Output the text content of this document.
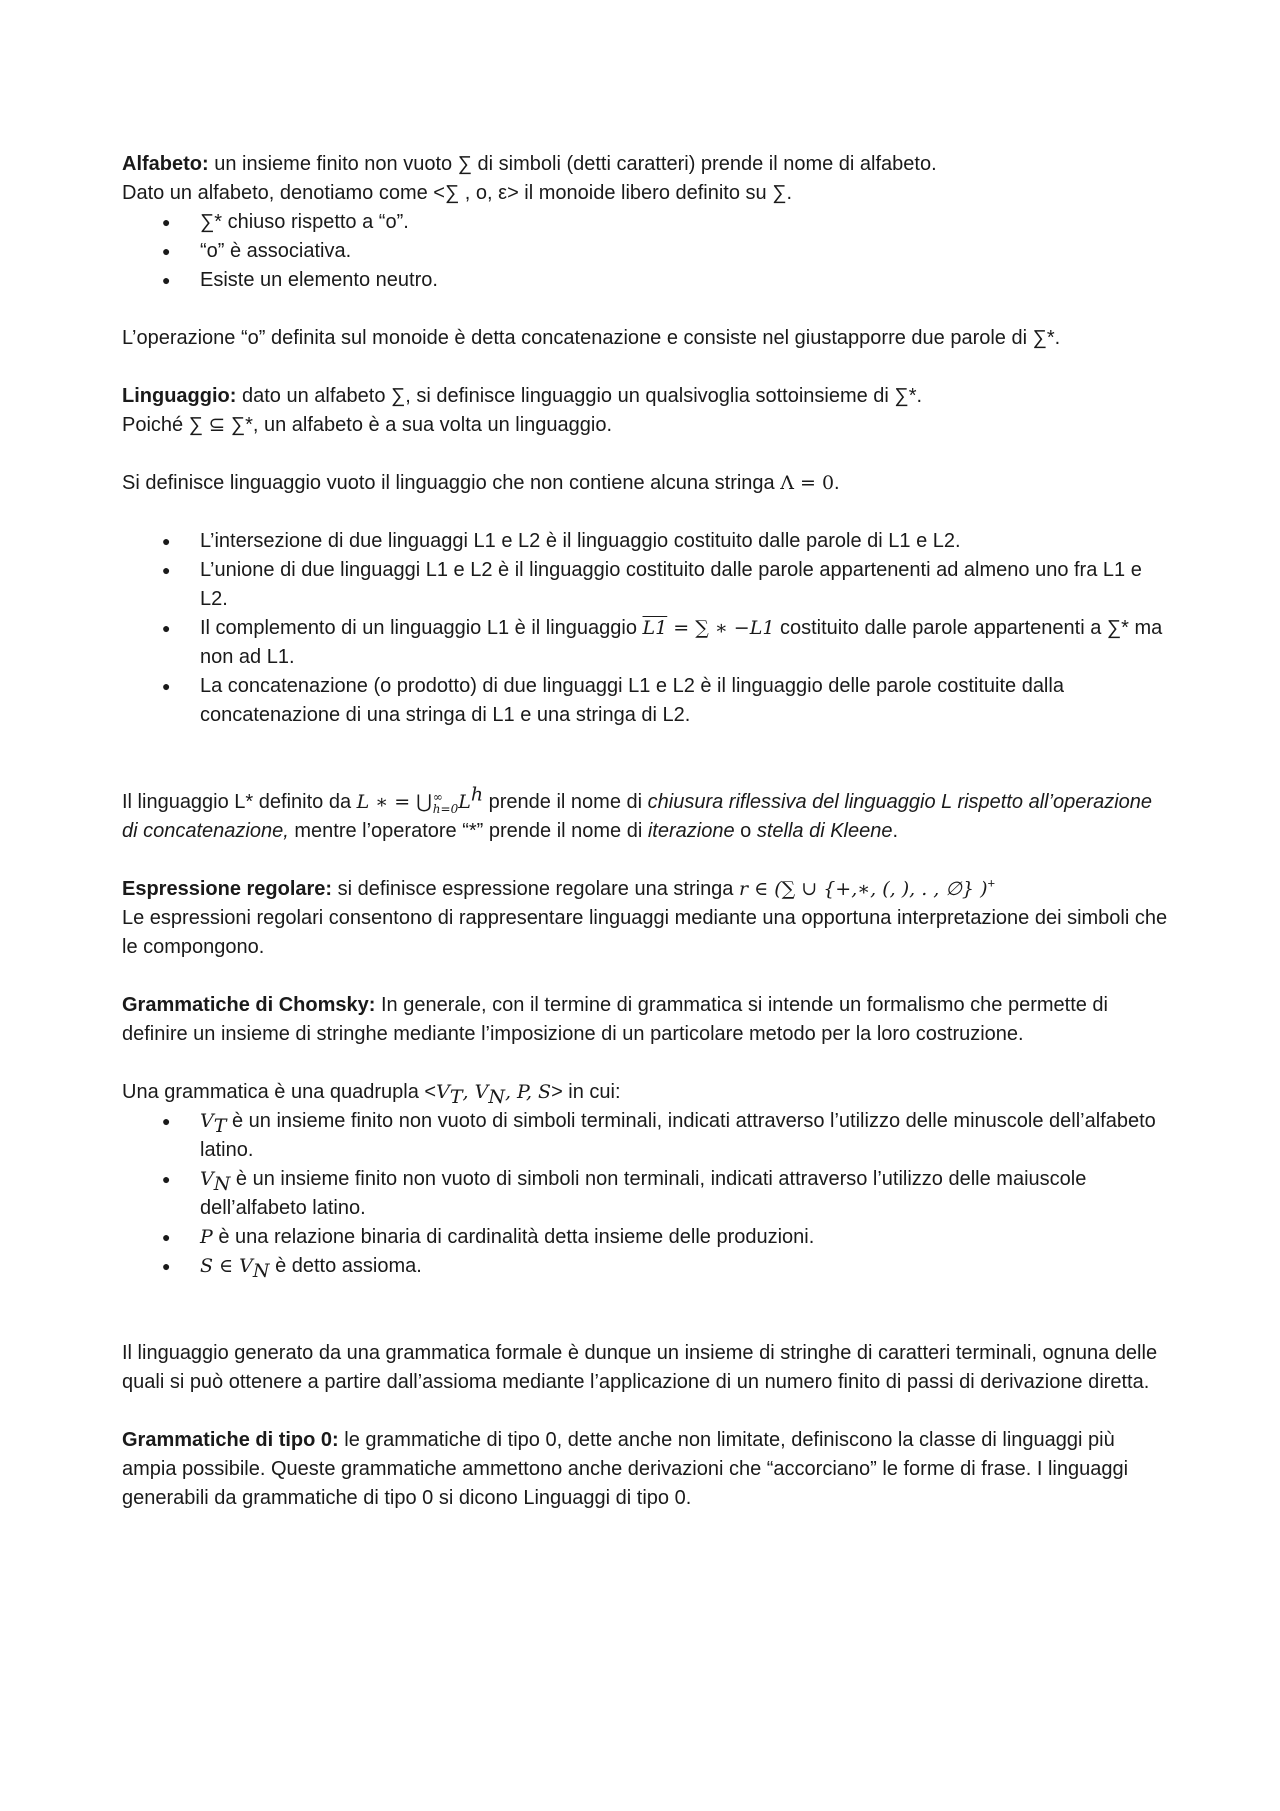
Alfabeto: un insieme finito non vuoto ∑ di simboli (detti caratteri) prende il nome di alfabeto.

Dato un alfabeto, denotiamo come <∑ , o, ε> il monoide libero definito su ∑.

● ∑* chiuso rispetto a “o”.
● “o” è associativa.
● Esiste un elemento neutro.

L’operazione “o” definita sul monoide è detta concatenazione e consiste nel giustapporre due parole di ∑*.

Linguaggio: dato un alfabeto ∑, si definisce linguaggio un qualsivoglia sottoinsieme di ∑*.

Poiché ∑ ⊆ ∑*, un alfabeto è a sua volta un linguaggio.

Si definisce linguaggio vuoto il linguaggio che non contiene alcuna stringa Λ = 0.

● L’intersezione di due linguaggi L1 e L2 è il linguaggio costituito dalle parole di L1 e L2.
● L’unione di due linguaggi L1 e L2 è il linguaggio costituito dalle parole appartenenti ad almeno uno fra L1 e L2.
● Il complemento di un linguaggio L1 è il linguaggio L1 = ∑ ∗ −L1 costituito dalle parole appartenenti a ∑* ma non ad L1.
● La concatenazione (o prodotto) di due linguaggi L1 e L2 è il linguaggio delle parole costituite dalla concatenazione di una stringa di L1 e una stringa di L2.

Il linguaggio L* definito da L ∗ = ⋃ ∞
h=0 $L^h$ prende il nome di chiusura riflessiva del linguaggio L rispetto all’operazione di concatenazione, mentre l’operatore “*” prende il nome di iterazione o stella di Kleene.

Espressione regolare: si definisce espressione regolare una stringa r ∈ (∑ ∪ {+,∗, (, ), . , ∅} )+

Le espressioni regolari consentono di rappresentare linguaggi mediante una opportuna interpretazione dei simboli che le compongono.

Grammatiche di Chomsky: In generale, con il termine di grammatica si intende un formalismo che permette di definire un insieme di stringhe mediante l’imposizione di un particolare metodo per la loro costruzione.

Una grammatica è una quadrupla $<V_T$, $V_N$, P, S> in cui:

● $V_T$ è un insieme finito non vuoto di simboli terminali, indicati attraverso l’utilizzo delle minuscole dell’alfabeto latino.
● $V_N$ è un insieme finito non vuoto di simboli non terminali, indicati attraverso l’utilizzo delle maiuscole dell’alfabeto latino.
● P è una relazione binaria di cardinalità detta insieme delle produzioni.
● S ∈ $V_N$ è detto assioma.

Il linguaggio generato da una grammatica formale è dunque un insieme di stringhe di caratteri terminali, ognuna delle quali si può ottenere a partire dall’assioma mediante l’applicazione di un numero finito di passi di derivazione diretta.

Grammatiche di tipo 0: le grammatiche di tipo 0, dette anche non limitate, definiscono la classe di linguaggi più ampia possibile. Queste grammatiche ammettono anche derivazioni che “accorciano” le forme di frase. I linguaggi generabili da grammatiche di tipo 0 si dicono Linguaggi di tipo 0.
